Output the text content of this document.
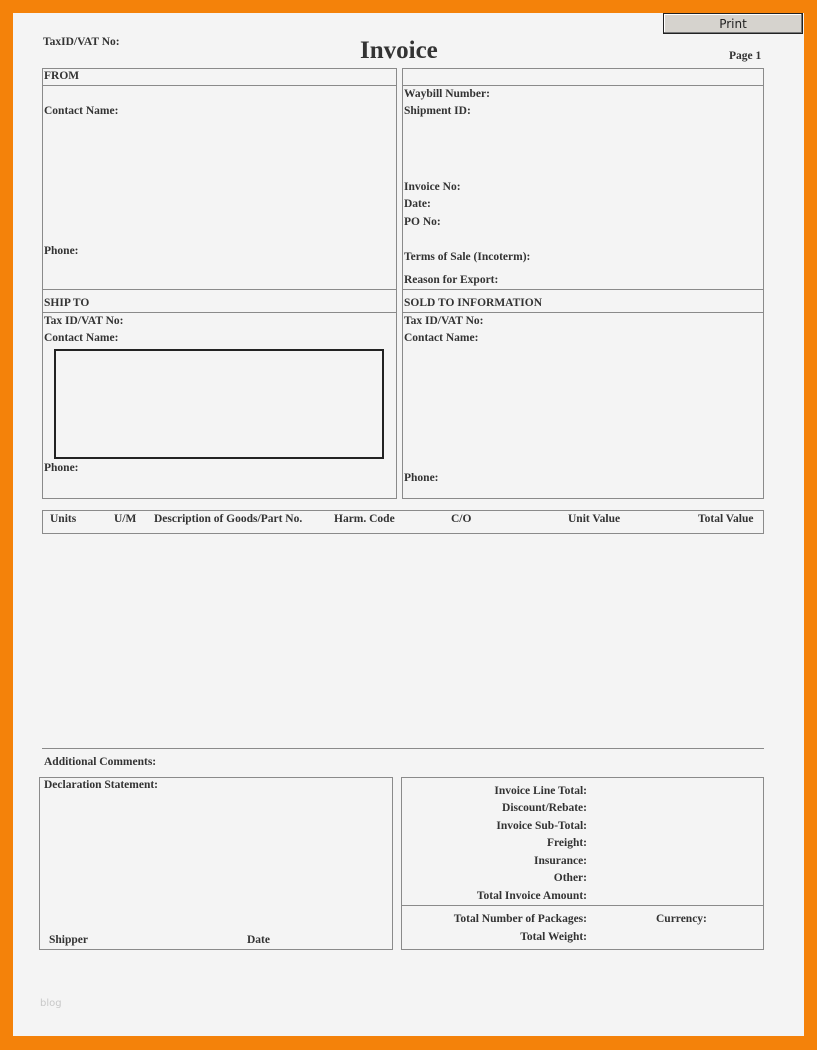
Print
TaxID/VAT No:	Invoice	Page 1
FROM
Contact Name:
Phone:
Waybill Number:
Shipment ID:
Invoice No:
Date:
PO No:
Terms of Sale (Incoterm):
Reason for Export:
SHIP TO
Tax ID/VAT No:
Contact Name:
Phone:
SOLD TO INFORMATION
Tax ID/VAT No:
Contact Name:
Phone:
Units	U/M Description of Goods/Part No.	Harm. Code	C/O	Unit Value	Total Value
Additional Comments:
Declaration Statement:
Shipper	Date
Invoice Line Total:
Discount/Rebate:
Invoice Sub-Total:
Freight:
Insurance:
Other:
Total Invoice Amount:
Total Number of Packages:	Currency:
Total Weight:
blog
